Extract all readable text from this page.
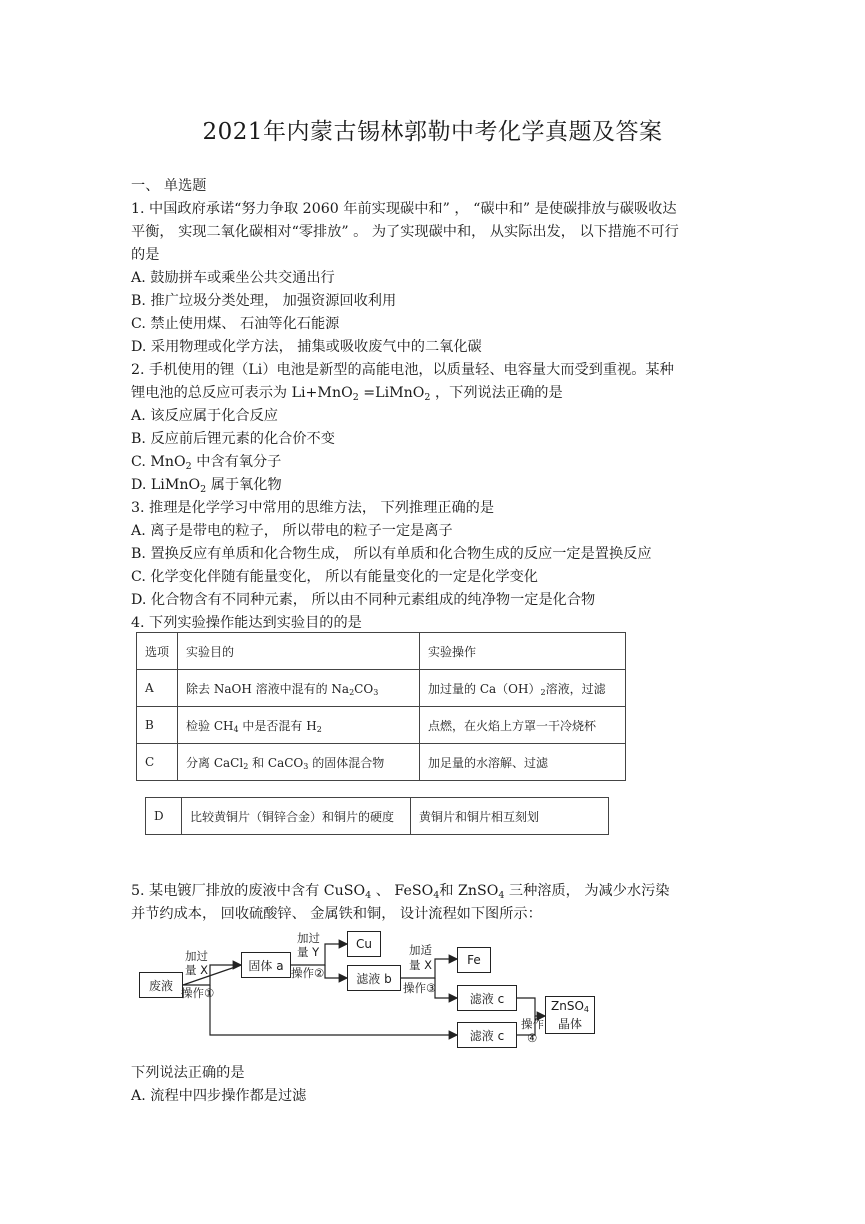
2021年内蒙古锡林郭勒中考化学真题及答案
一、 单选题
1. 中国政府承诺“努力争取 2060 年前实现碳中和” ， “碳中和” 是使碳排放与碳吸收达
平衡， 实现二氧化碳相对“零排放” 。 为了实现碳中和， 从实际出发， 以下措施不可行
的是
A. 鼓励拼车或乘坐公共交通出行
B. 推广垃圾分类处理， 加强资源回收利用
C. 禁止使用煤、 石油等化石能源
D. 采用物理或化学方法， 捕集或吸收废气中的二氧化碳
2. 手机使用的锂（Li）电池是新型的高能电池，以质量轻、电容量大而受到重视。某种
锂电池的总反应可表示为 Li+MnO$_2$ =LiMnO$_2$ ，下列说法正确的是
A. 该反应属于化合反应
B. 反应前后锂元素的化合价不变
C. MnO$_2$ 中含有氧分子
D. LiMnO$_2$ 属于氧化物
3. 推理是化学学习中常用的思维方法， 下列推理正确的是
A. 离子是带电的粒子， 所以带电的粒子一定是离子
B. 置换反应有单质和化合物生成， 所以有单质和化合物生成的反应一定是置换反应
C. 化学变化伴随有能量变化， 所以有能量变化的一定是化学变化
D. 化合物含有不同种元素， 所以由不同种元素组成的纯净物一定是化合物
4. 下列实验操作能达到实验目的的是
选项	实验目的	实验操作
A	除去 NaOH 溶液中混有的 Na2CO3	加过量的 Ca（OH）2溶液，过滤
B	检验 CH4 中是否混有 H2	点燃，在火焰上方罩一干冷烧杯
C	分离 CaCl2 和 CaCO3 的固体混合物	加足量的水溶解、过滤
D	比较黄铜片（铜锌合金）和铜片的硬度	黄铜片和铜片相互刻划
5. 某电镀厂排放的废液中含有 CuSO$_4$ 、 FeSO$_4$和 ZnSO$_4$ 三种溶质， 为减少水污染
并节约成本， 回收硫酸锌、 金属铁和铜， 设计流程如下图所示：
废液
加过
量 X
操作①
固体 a
加过
量 Y
操作②
Cu
滤液 b
加适
量 X
操作③
Fe
滤液 c
滤液 c
操作
④
ZnSO4
晶体
下列说法正确的是
A. 流程中四步操作都是过滤
